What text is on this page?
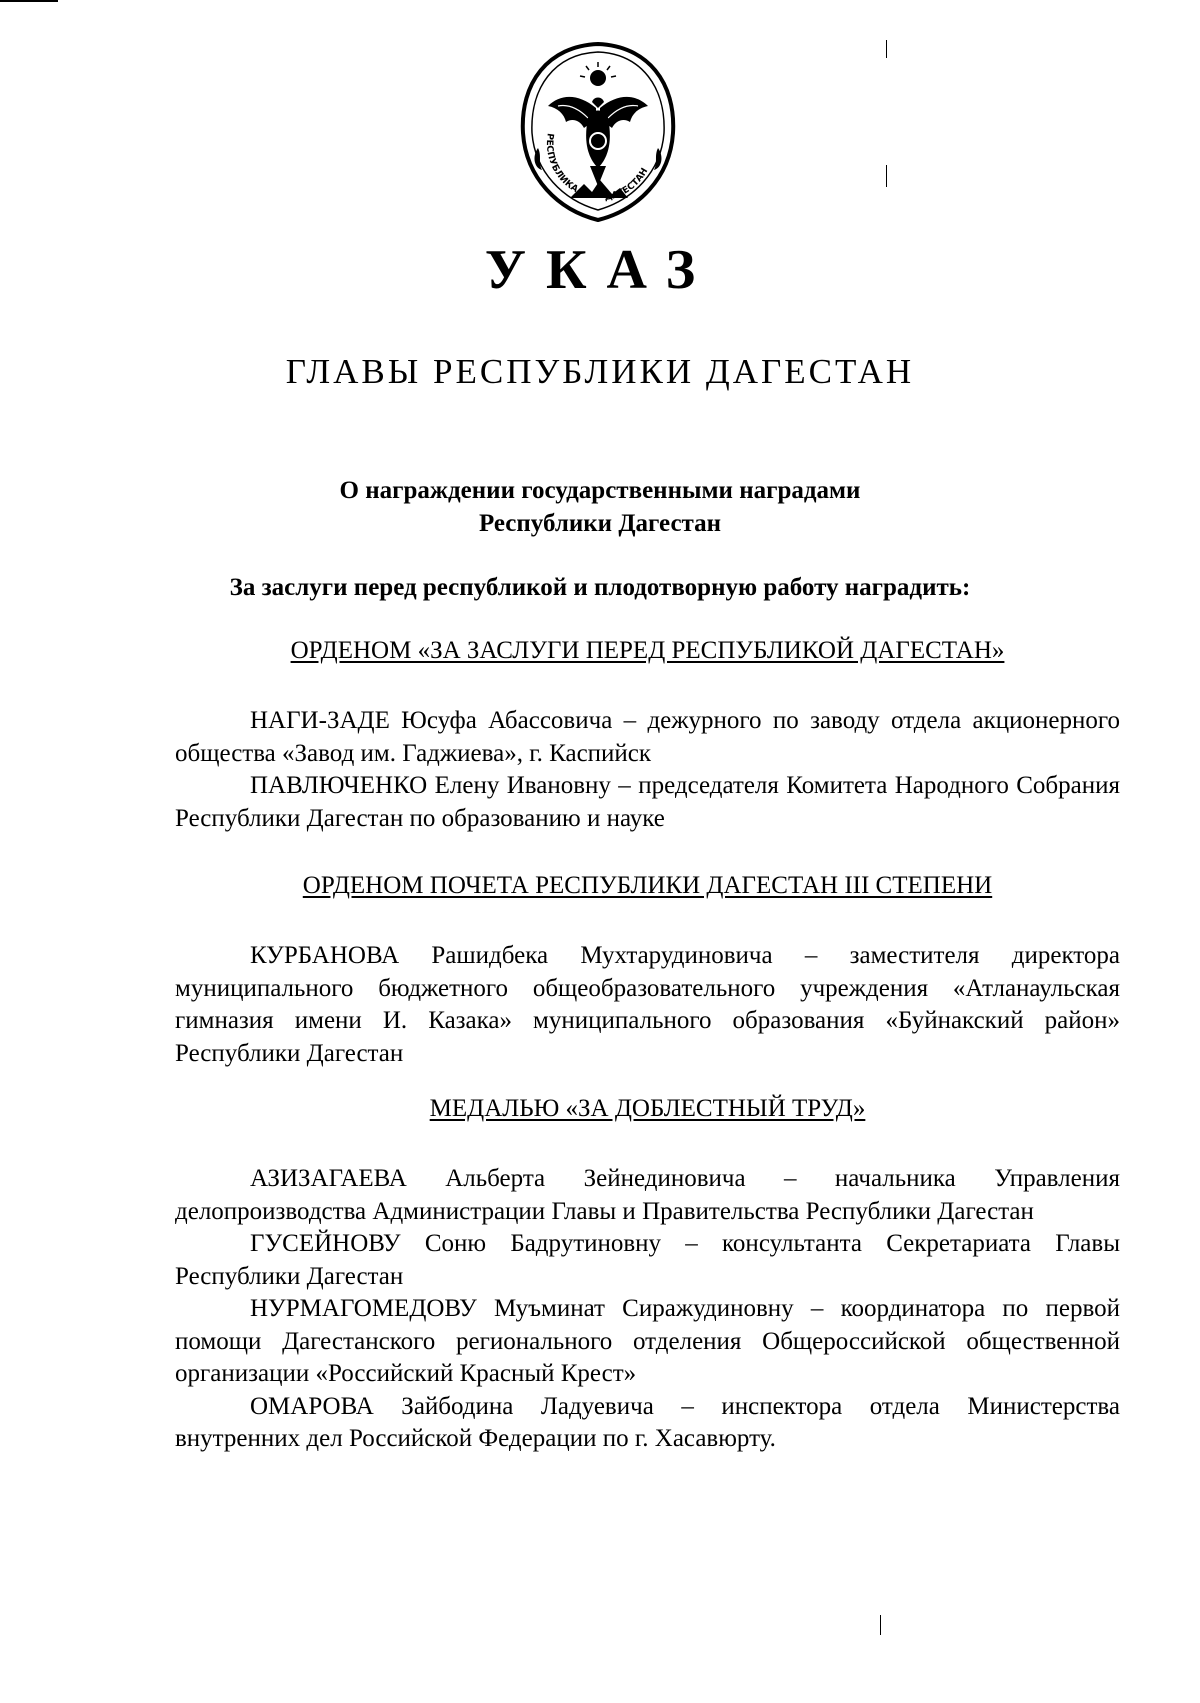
РЕСПУБЛИКА
ДАГЕСТАН
УКАЗ
ГЛАВЫ РЕСПУБЛИКИ ДАГЕСТАН
О награждении государственными наградами
Республики Дагестан
За заслуги перед республикой и плодотворную работу наградить:
ОРДЕНОМ «ЗА ЗАСЛУГИ ПЕРЕД РЕСПУБЛИКОЙ ДАГЕСТАН»

НАГИ-ЗАДЕ Юсуфа Абассовича – дежурного по заводу отдела акционерного общества «Завод им. Гаджиева», г. Каспийск

ПАВЛЮЧЕНКО Елену Ивановну – председателя Комитета Народного Собрания Республики Дагестан по образованию и науке

ОРДЕНОМ ПОЧЕТА РЕСПУБЛИКИ ДАГЕСТАН III СТЕПЕНИ

КУРБАНОВА Рашидбека Мухтарудиновича – заместителя директора муниципального бюджетного общеобразовательного учреждения «Атланаульская гимназия имени И. Казака» муниципального образования «Буйнакский район» Республики Дагестан

МЕДАЛЬЮ «ЗА ДОБЛЕСТНЫЙ ТРУД»

АЗИЗАГАЕВА Альберта Зейнединовича – начальника Управления делопроизводства Администрации Главы и Правительства Республики Дагестан

ГУСЕЙНОВУ Соню Бадрутиновну – консультанта Секретариата Главы Республики Дагестан

НУРМАГОМЕДОВУ Муъминат Сиражудиновну – координатора по первой помощи Дагестанского регионального отделения Общероссийской общественной организации «Российский Красный Крест»

ОМАРОВА Зайбодина Ладуевича – инспектора отдела Министерства внутренних дел Российской Федерации по г. Хасавюрту.
